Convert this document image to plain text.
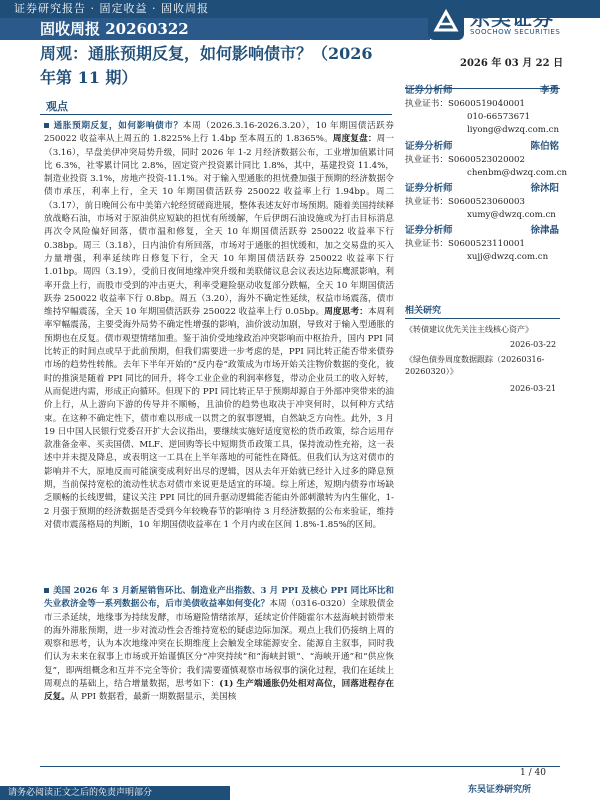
证券研究报告 · 固定收益 · 固收周报
固收周报 20260322	东吴证券
SOOCHOW SECURITIES
周观：通胀预期反复，如何影响债市？（2026年第 11 期）
2026 年 03 月 22 日
观点
通胀预期反复，如何影响债市？本周（2026.3.16-2026.3.20），10 年期国债活跃券 250022 收益率从上周五的 1.8225%上行 1.4bp 至本周五的 1.8365%。周度复盘：周一（3.16），早盘美伊冲突局势升级，同时 2026 年 1-2 月经济数据公布，工业增加值累计同比 6.3%，社零累计同比 2.8%，固定资产投资累计同比 1.8%，其中，基建投资 11.4%，制造业投资 3.1%，房地产投资-11.1%。对于输入型通胀的担忧叠加强于预期的经济数据令债市承压，利率上行，全天 10 年期国债活跃券 250022 收益率上行 1.94bp。周二（3.17），前日晚间公布中美第六轮经贸磋商进展，整体表述友好市场预期。随着美国持续释放战略石油，市场对于原油供应短缺的担忧有所缓解，午后伊朗石油设施或为打击目标消息再次令风险偏好回落，债市温和修复，全天 10 年期国债活跃券 250022 收益率下行 0.38bp。周三（3.18），日内油价有所回落，市场对于通胀的担忧缓和，加之交易盘的买入力量增强，利率延续昨日修复下行，全天 10 年期国债活跃券 250022 收益率下行 1.01bp。周四（3.19），受前日夜间地缘冲突升级和美联储议息会议表达边际鹰派影响，利率开盘上行，而股市受到的冲击更大，利率受避险驱动收复部分跌幅，全天 10 年期国债活跃券 250022 收益率下行 0.8bp。周五（3.20），海外不确定性延续，权益市场震荡，债市维持窄幅震荡，全天 10 年期国债活跃券 250022 收益率上行 0.05bp。周度思考：本周利率窄幅震荡，主要受海外局势不确定性增强的影响，油价波动加剧，导致对于输入型通胀的预期也在反复。债市观望情绪加重。鉴于油价受地缘政治冲突影响而中枢抬升，国内 PPI 同比转正的时间点或早于此前预期，但我们需要进一步考虑的是，PPI 同比转正能否带来债券市场的趋势性转熊。去年下半年开始的“反内卷”政策成为市场开始关注物价数据的变化，彼时的推演是随着 PPI 同比的回升，将令工业企业的利润率修复，带动企业员工的收入好转，从而促进内需，形成正向循环。但现下的 PPI 同比转正早于预期却源自于外部冲突带来的油价上行，从上游向下游的传导并不顺畅，且油价的趋势也取决于冲突何时，以何种方式结束。在这种不确定性下，债市难以形成一以贯之的叙事逻辑，自然缺乏方向性。此外，3 月 19 日中国人民银行党委召开扩大会议指出，要继续实施好适度宽松的货币政策，综合运用存款准备金率、买卖国债、MLF、逆回购等长中短期货币政策工具，保持流动性充裕，这一表述中并未提及降息，或表明这一工具在上半年落地的可能性在降低。但我们认为这对债市的影响并不大，原地反而可能演变成利好出尽的逻辑，因从去年开始就已经计入过多的降息预期，当前保持宽松的流动性状态对债市来说更是适宜的环境。综上所述，短期内债券市场缺乏顺畅的长线逻辑，建议关注 PPI 同比的回升驱动逻辑能否能由外部刺激转为内生催化，1-2 月强于预期的经济数据是否受到今年较晚春节的影响待 3 月经济数据的公布来验证，维持对债市震荡格局的判断，10 年期国债收益率在 1 个月内或在区间 1.8%-1.85%的区间。
美国 2026 年 3 月新屋销售环比、制造业产出指数、3 月 PPI 及核心 PPI 同比环比和失业救济金等一系列数据公布，后市美债收益率如何变化？本周（0316-0320）全球股债金市三杀延续，地缘事为持续发酵，市场避险情绪浓厚，延续定价伴随霍尔木兹海峡封锁带来的海外滞胀预期，进一步对流动性会否维持宽松的疑虑边际加深。观点上我们仍接纳上周的观察和思考，认为本次地缘冲突在长期维度上会触发全球能源安全、能源自主叙事，同时我们认为未来在叙事上市场或开始谨慎区分“冲突持续”和“海峡封锁”、“海峡开通”和“供应恢复”，即两组概念和互并不完全等价；我们需要谨慎观察市场叙事的演化过程，我们在延续上周观点的基础上，结合增量数据，思考如下：(1) 生产端通胀仍处相对高位，回落进程存在反复。从 PPI 数据看，最新一期数据显示，美国核
证券分析师	李勇
执业证书：S0600519040001
010-66573671
liyong@dwzq.com.cn
证券分析师	陈伯铭
执业证书：S0600523020002
chenbm@dwzq.com.cn
证券分析师	徐沐阳
执业证书：S0600523060003
xumy@dwzq.com.cn
证券分析师	徐津晶
执业证书：S0600523110001
xujj@dwzq.com.cn
相关研究
《转债建议优先关注主线核心资产》
2026-03-22
《绿色债券周度数据跟踪（20260316-20260320）》
2026-03-21
1 / 40
东吴证券研究所
请务必阅读正文之后的免责声明部分
